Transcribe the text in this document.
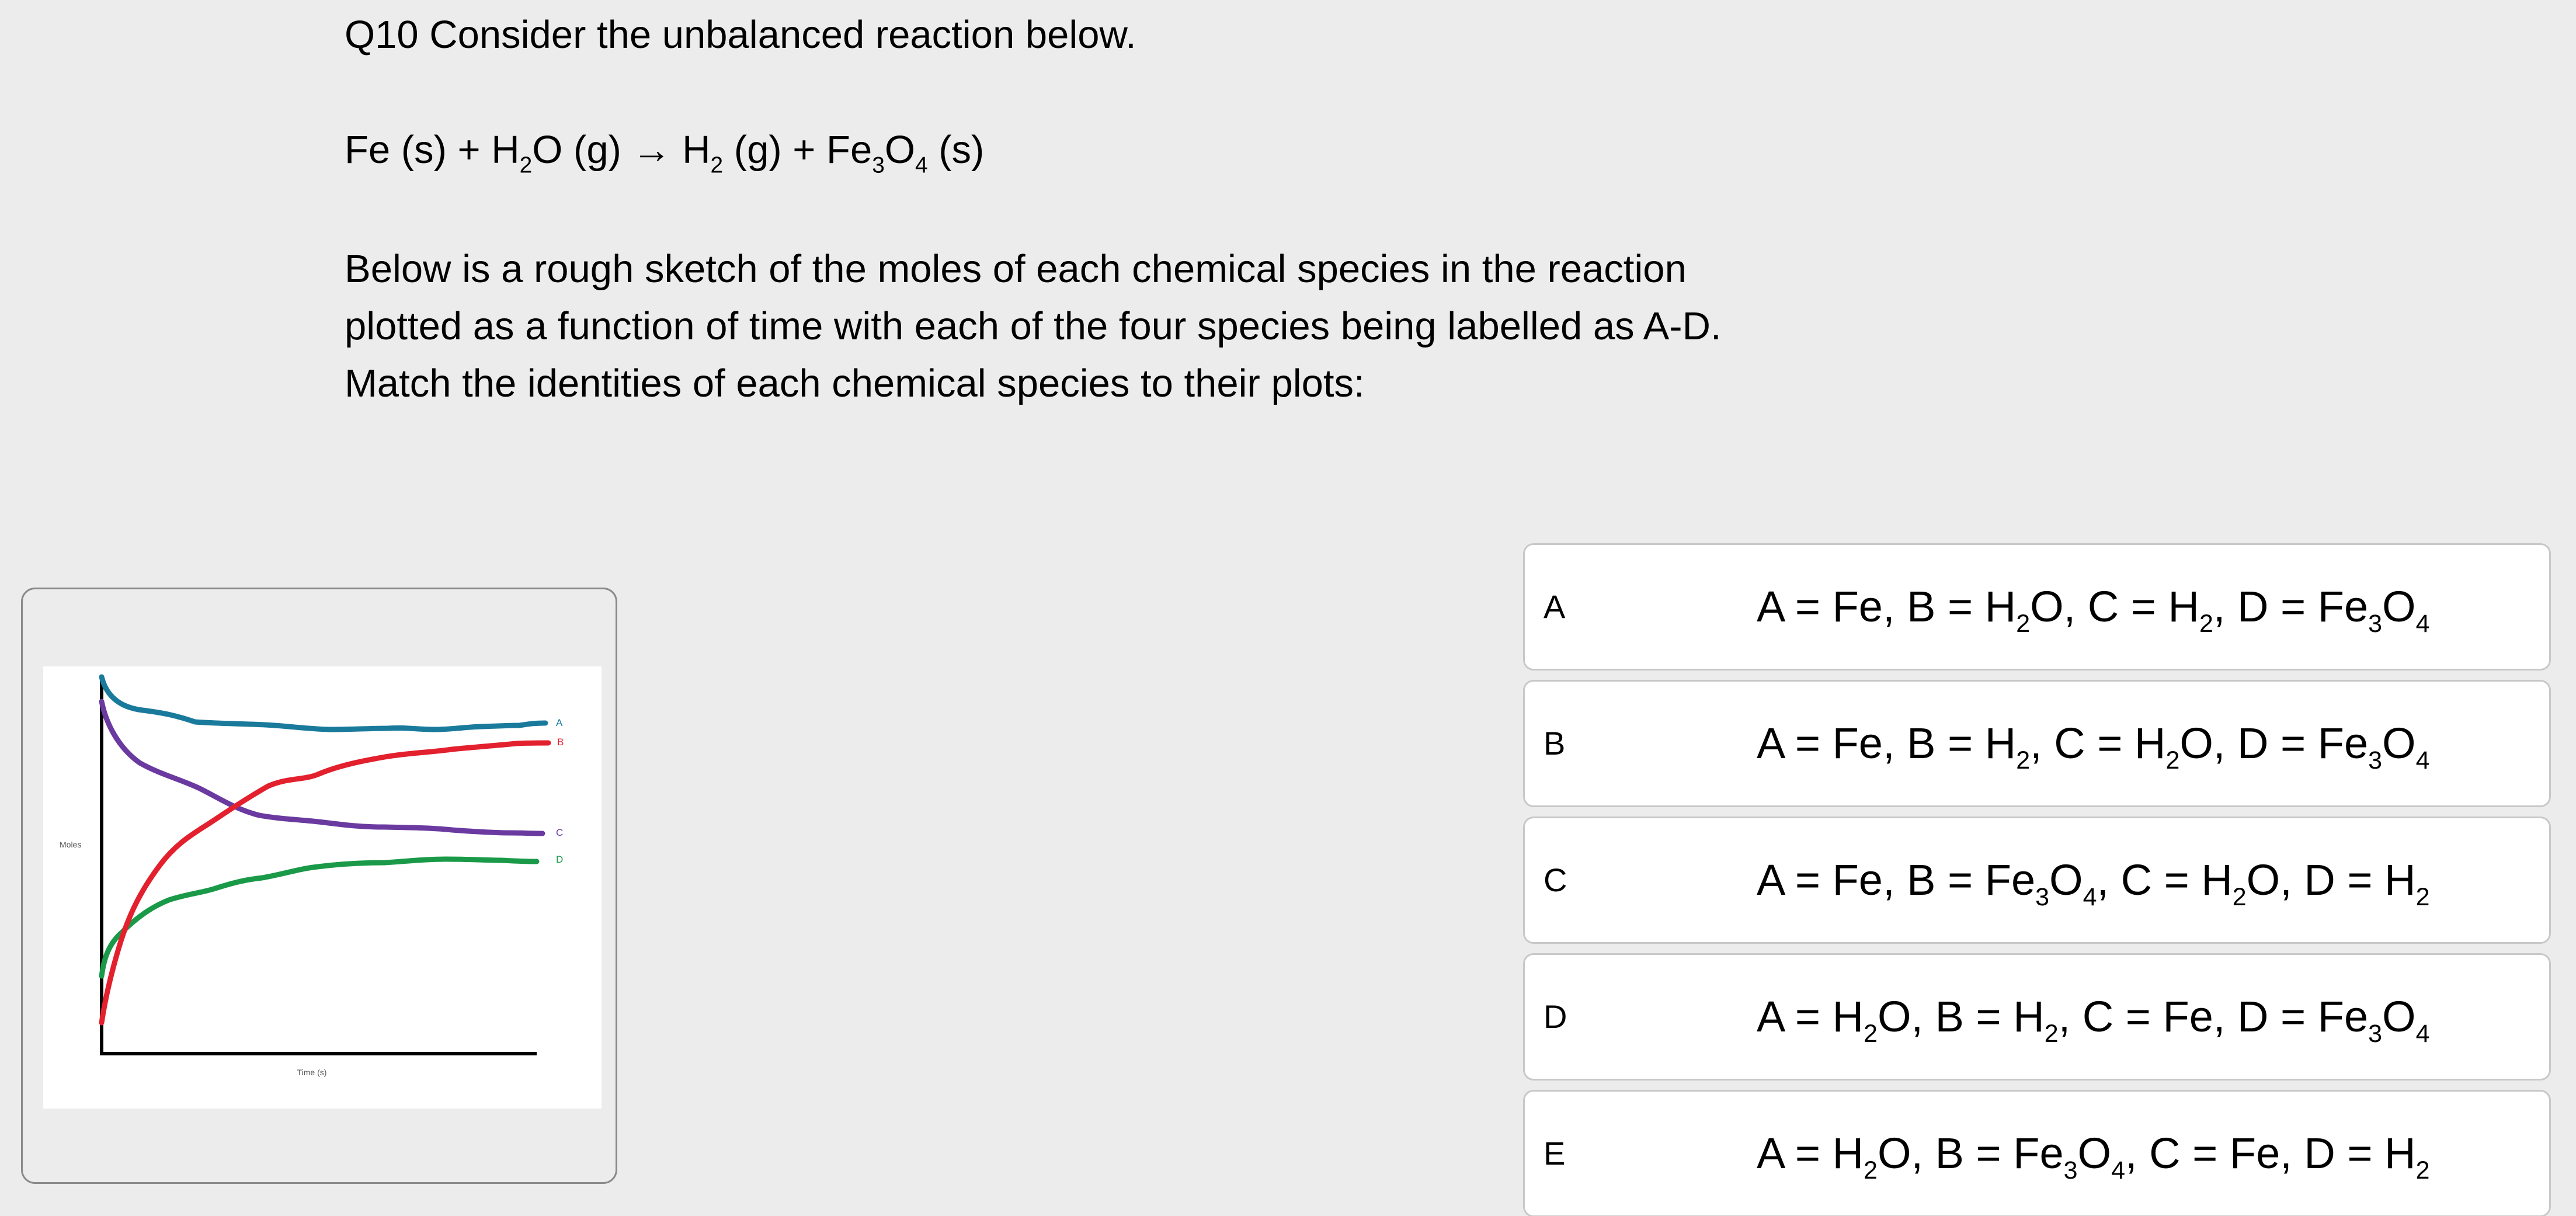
Q10 Consider the unbalanced reaction below.

Fe $(s) + H_2O$ $(g) \to H_2$ $(g) + Fe_3O_4$ (s)
Below is a rough sketch of the moles of each chemical species in the reaction
plotted as a function of time with each of the four species being labelled as A-D.
Match the identities of each chemical species to their plots:
Moles
Time (s)
A
B
C
D
A	A = Fe, $B = H_2O$, $C = H_2$, $D = Fe_3O_4$
B	A = Fe, $B = H_2$, $C = H_2O$, $D = Fe_3O_4$
C	A = Fe, $B = Fe_3O_4$, $C = H_2O$, $D = H_2$
D	$A = H_2O$, $B = H_2$, C = Fe, $D = Fe_3O_4$
E	$A = H_2O$, $B = Fe_3O_4$, C = Fe, $D = H_2$
